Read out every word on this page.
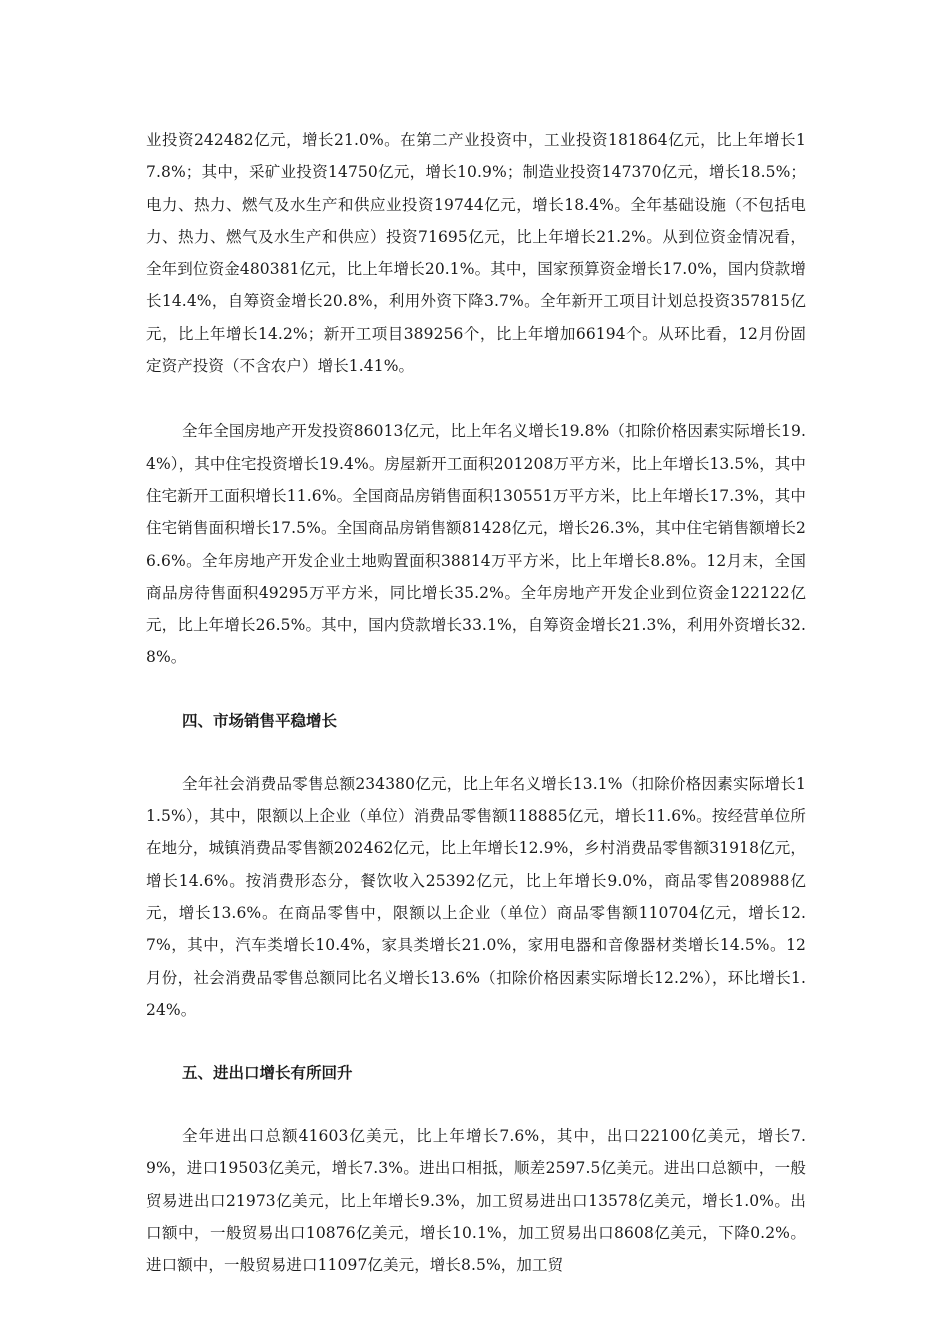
业投资242482亿元，增长21.0%。在第二产业投资中，工业投资181864亿元，比上年增长17.8%；其中，采矿业投资14750亿元，增长10.9%；制造业投资147370亿元，增长18.5%；电力、热力、燃气及水生产和供应业投资19744亿元，增长18.4%。全年基础设施（不包括电力、热力、燃气及水生产和供应）投资71695亿元，比上年增长21.2%。从到位资金情况看，全年到位资金480381亿元，比上年增长20.1%。其中，国家预算资金增长17.0%，国内贷款增长14.4%，自筹资金增长20.8%，利用外资下降3.7%。全年新开工项目计划总投资357815亿元，比上年增长14.2%；新开工项目389256个，比上年增加66194个。从环比看，12月份固定资产投资（不含农户）增长1.41%。

全年全国房地产开发投资86013亿元，比上年名义增长19.8%（扣除价格因素实际增长19.4%），其中住宅投资增长19.4%。房屋新开工面积201208万平方米，比上年增长13.5%，其中住宅新开工面积增长11.6%。全国商品房销售面积130551万平方米，比上年增长17.3%，其中住宅销售面积增长17.5%。全国商品房销售额81428亿元，增长26.3%，其中住宅销售额增长26.6%。全年房地产开发企业土地购置面积38814万平方米，比上年增长8.8%。12月末，全国商品房待售面积49295万平方米，同比增长35.2%。全年房地产开发企业到位资金122122亿元，比上年增长26.5%。其中，国内贷款增长33.1%，自筹资金增长21.3%，利用外资增长32.8%。

四、市场销售平稳增长

全年社会消费品零售总额234380亿元，比上年名义增长13.1%（扣除价格因素实际增长11.5%），其中，限额以上企业（单位）消费品零售额118885亿元，增长11.6%。按经营单位所在地分，城镇消费品零售额202462亿元，比上年增长12.9%，乡村消费品零售额31918亿元，增长14.6%。按消费形态分，餐饮收入25392亿元，比上年增长9.0%，商品零售208988亿元，增长13.6%。在商品零售中，限额以上企业（单位）商品零售额110704亿元，增长12.7%，其中，汽车类增长10.4%，家具类增长21.0%，家用电器和音像器材类增长14.5%。12月份，社会消费品零售总额同比名义增长13.6%（扣除价格因素实际增长12.2%），环比增长1.24%。

五、进出口增长有所回升

全年进出口总额41603亿美元，比上年增长7.6%，其中，出口22100亿美元，增长7.9%，进口19503亿美元，增长7.3%。进出口相抵，顺差2597.5亿美元。进出口总额中，一般贸易进出口21973亿美元，比上年增长9.3%，加工贸易进出口13578亿美元，增长1.0%。出口额中，一般贸易出口10876亿美元，增长10.1%，加工贸易出口8608亿美元，下降0.2%。进口额中，一般贸易进口11097亿美元，增长8.5%，加工贸
